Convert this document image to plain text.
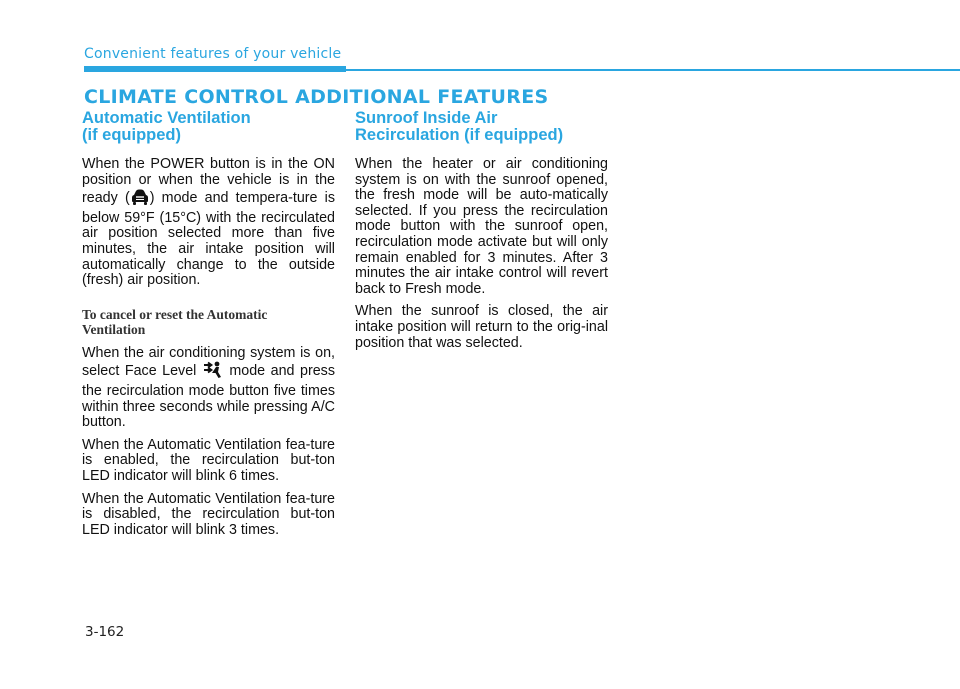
Convenient features of your vehicle
CLIMATE CONTROL ADDITIONAL FEATURES
Automatic Ventilation
(if equipped)

When the POWER button is in the ON position or when the vehicle is in the ready ( ) mode and tempera-ture is below 59°F (15°C) with the recirculated air position selected more than five minutes, the air intake position will automatically change to the outside (fresh) air position.

To cancel or reset the Automatic
Ventilation

When the air conditioning system is on, select Face Level mode and press the recirculation mode button five times within three seconds while pressing A/C button.

When the Automatic Ventilation fea-ture is enabled, the recirculation but-ton LED indicator will blink 6 times.

When the Automatic Ventilation fea-ture is disabled, the recirculation but-ton LED indicator will blink 3 times.

Sunroof Inside Air
Recirculation (if equipped)

When the heater or air conditioning system is on with the sunroof opened, the fresh mode will be auto-matically selected. If you press the recirculation mode button with the sunroof open, recirculation mode activate but will only remain enabled for 3 minutes. After 3 minutes the air intake control will revert back to Fresh mode.

When the sunroof is closed, the air intake position will return to the orig-inal position that was selected.

3-162
